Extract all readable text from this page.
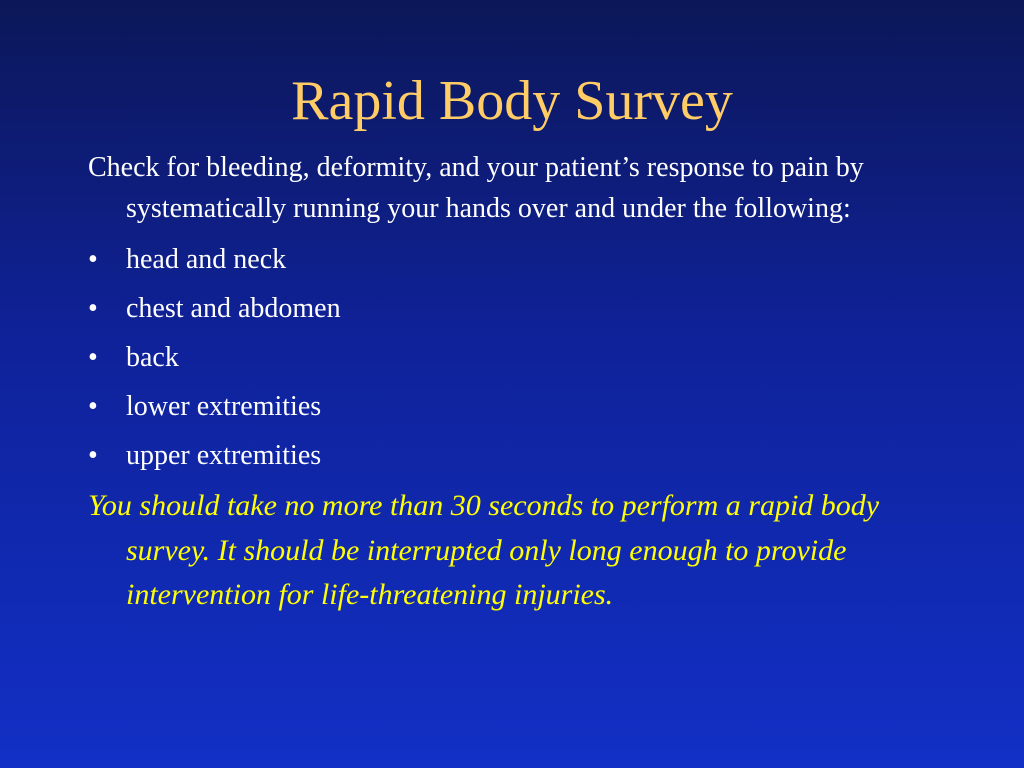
Rapid Body Survey

Check for bleeding, deformity, and your patient’s response to pain by systematically running your hands over and under the following:

• head and neck
• chest and abdomen
• back
• lower extremities
• upper extremities

You should take no more than 30 seconds to perform a rapid body survey. It should be interrupted only long enough to provide intervention for life-threatening injuries.
